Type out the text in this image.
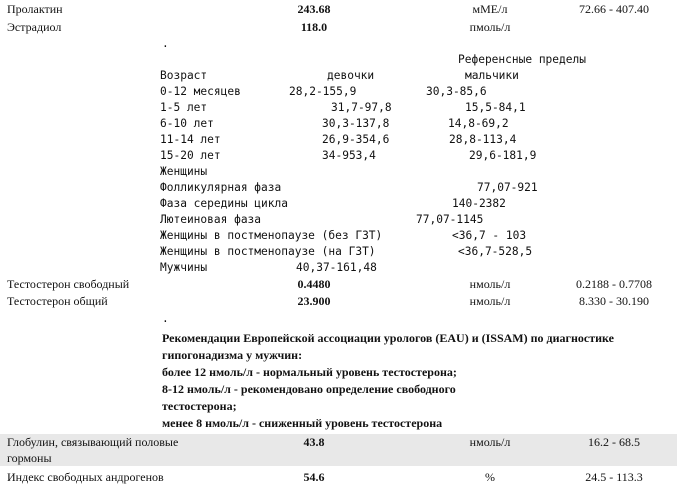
Пролактин	243.68	мМЕ/л	72.66 - 407.40
Эстрадиол	118.0	пмоль/л
.
Референсные пределы
Возраст	девочки	мальчики
0-12 месяцев	28,2-155,9	30,3-85,6
1-5 лет	31,7-97,8	15,5-84,1
6-10 лет	30,3-137,8	14,8-69,2
11-14 лет	26,9-354,6	28,8-113,4
15-20 лет	34-953,4	29,6-181,9
Женщины
Фолликулярная фаза	77,07-921
Фаза середины цикла	140-2382
Лютеиновая фаза	77,07-1145
Женщины в постменопаузе (без ГЗТ)	<36,7 - 103
Женщины в постменопаузе (на ГЗТ)	<36,7-528,5
Мужчины	40,37-161,48
Тестостерон свободный	0.4480	нмоль/л	0.2188 - 0.7708
Тестостерон общий	23.900	нмоль/л	8.330 - 30.190
.
Рекомендации Европейской ассоциации урологов (EAU) и (ISSAM) по диагностике
гипогонадизма у мужчин:
более 12 нмоль/л - нормальный уровень тестостерона;
8-12 нмоль/л - рекомендовано определение свободного
тестостерона;
менее 8 нмоль/л - сниженный уровень тестостерона
Глобулин, связывающий половые
гормоны
43.8	нмоль/л	16.2 - 68.5
Индекс свободных андрогенов	54.6	%	24.5 - 113.3
